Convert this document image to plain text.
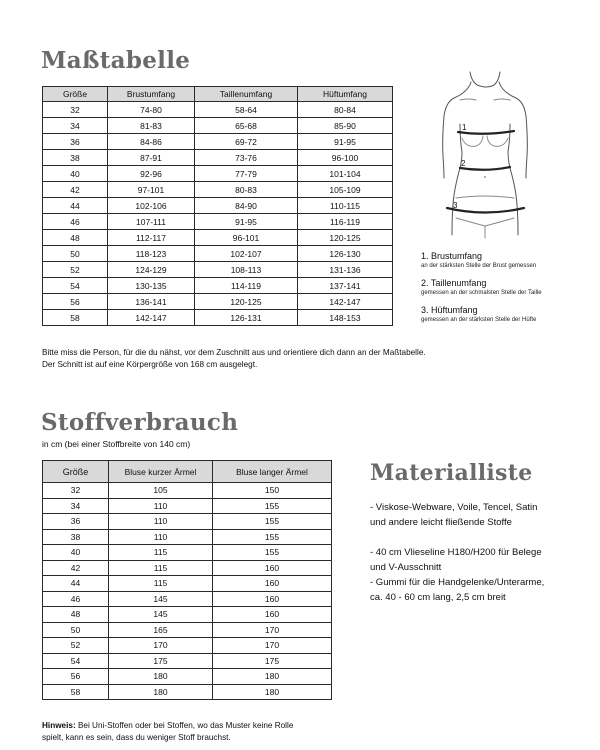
Maßtabelle
Größe	Brustumfang	Taillenumfang	Hüftumfang
32	74-80	58-64	80-84
34	81-83	65-68	85-90
36	84-86	69-72	91-95
38	87-91	73-76	96-100
40	92-96	77-79	101-104
42	97-101	80-83	105-109
44	102-106	84-90	110-115
46	107-111	91-95	116-119
48	112-117	96-101	120-125
50	118-123	102-107	126-130
52	124-129	108-113	131-136
54	130-135	114-119	137-141
56	136-141	120-125	142-147
58	142-147	126-131	148-153
Bitte miss die Person, für die du nähst, vor dem Zuschnitt aus und orientiere dich dann an der Maßtabelle.
Der Schnitt ist auf eine Körpergröße von 168 cm ausgelegt.
1
2
3
1. Brustumfang
an der stärksten Stelle der Brust gemessen
2. Taillenumfang
gemessen an der schmalsten Stelle der Taille
3. Hüftumfang
gemessen an der stärksten Stelle der Hüfte
Stoffverbrauch
in cm (bei einer Stoffbreite von 140 cm)
Größe	Bluse kurzer Ärmel	Bluse langer Ärmel
32	105	150
34	110	155
36	110	155
38	110	155
40	115	155
42	115	160
44	115	160
46	145	160
48	145	160
50	165	170
52	170	170
54	175	175
56	180	180
58	180	180
Hinweis: Bei Uni-Stoffen oder bei Stoffen, wo das Muster keine Rolle
spielt, kann es sein, dass du weniger Stoff brauchst.
Materialliste
- Viskose-Webware, Voile, Tencel, Satin
und andere leicht fließende Stoffe
- 40 cm Vlieseline H180/H200 für Belege
und V-Ausschnitt
- Gummi für die Handgelenke/Unterarme,
ca. 40 - 60 cm lang, 2,5 cm breit
